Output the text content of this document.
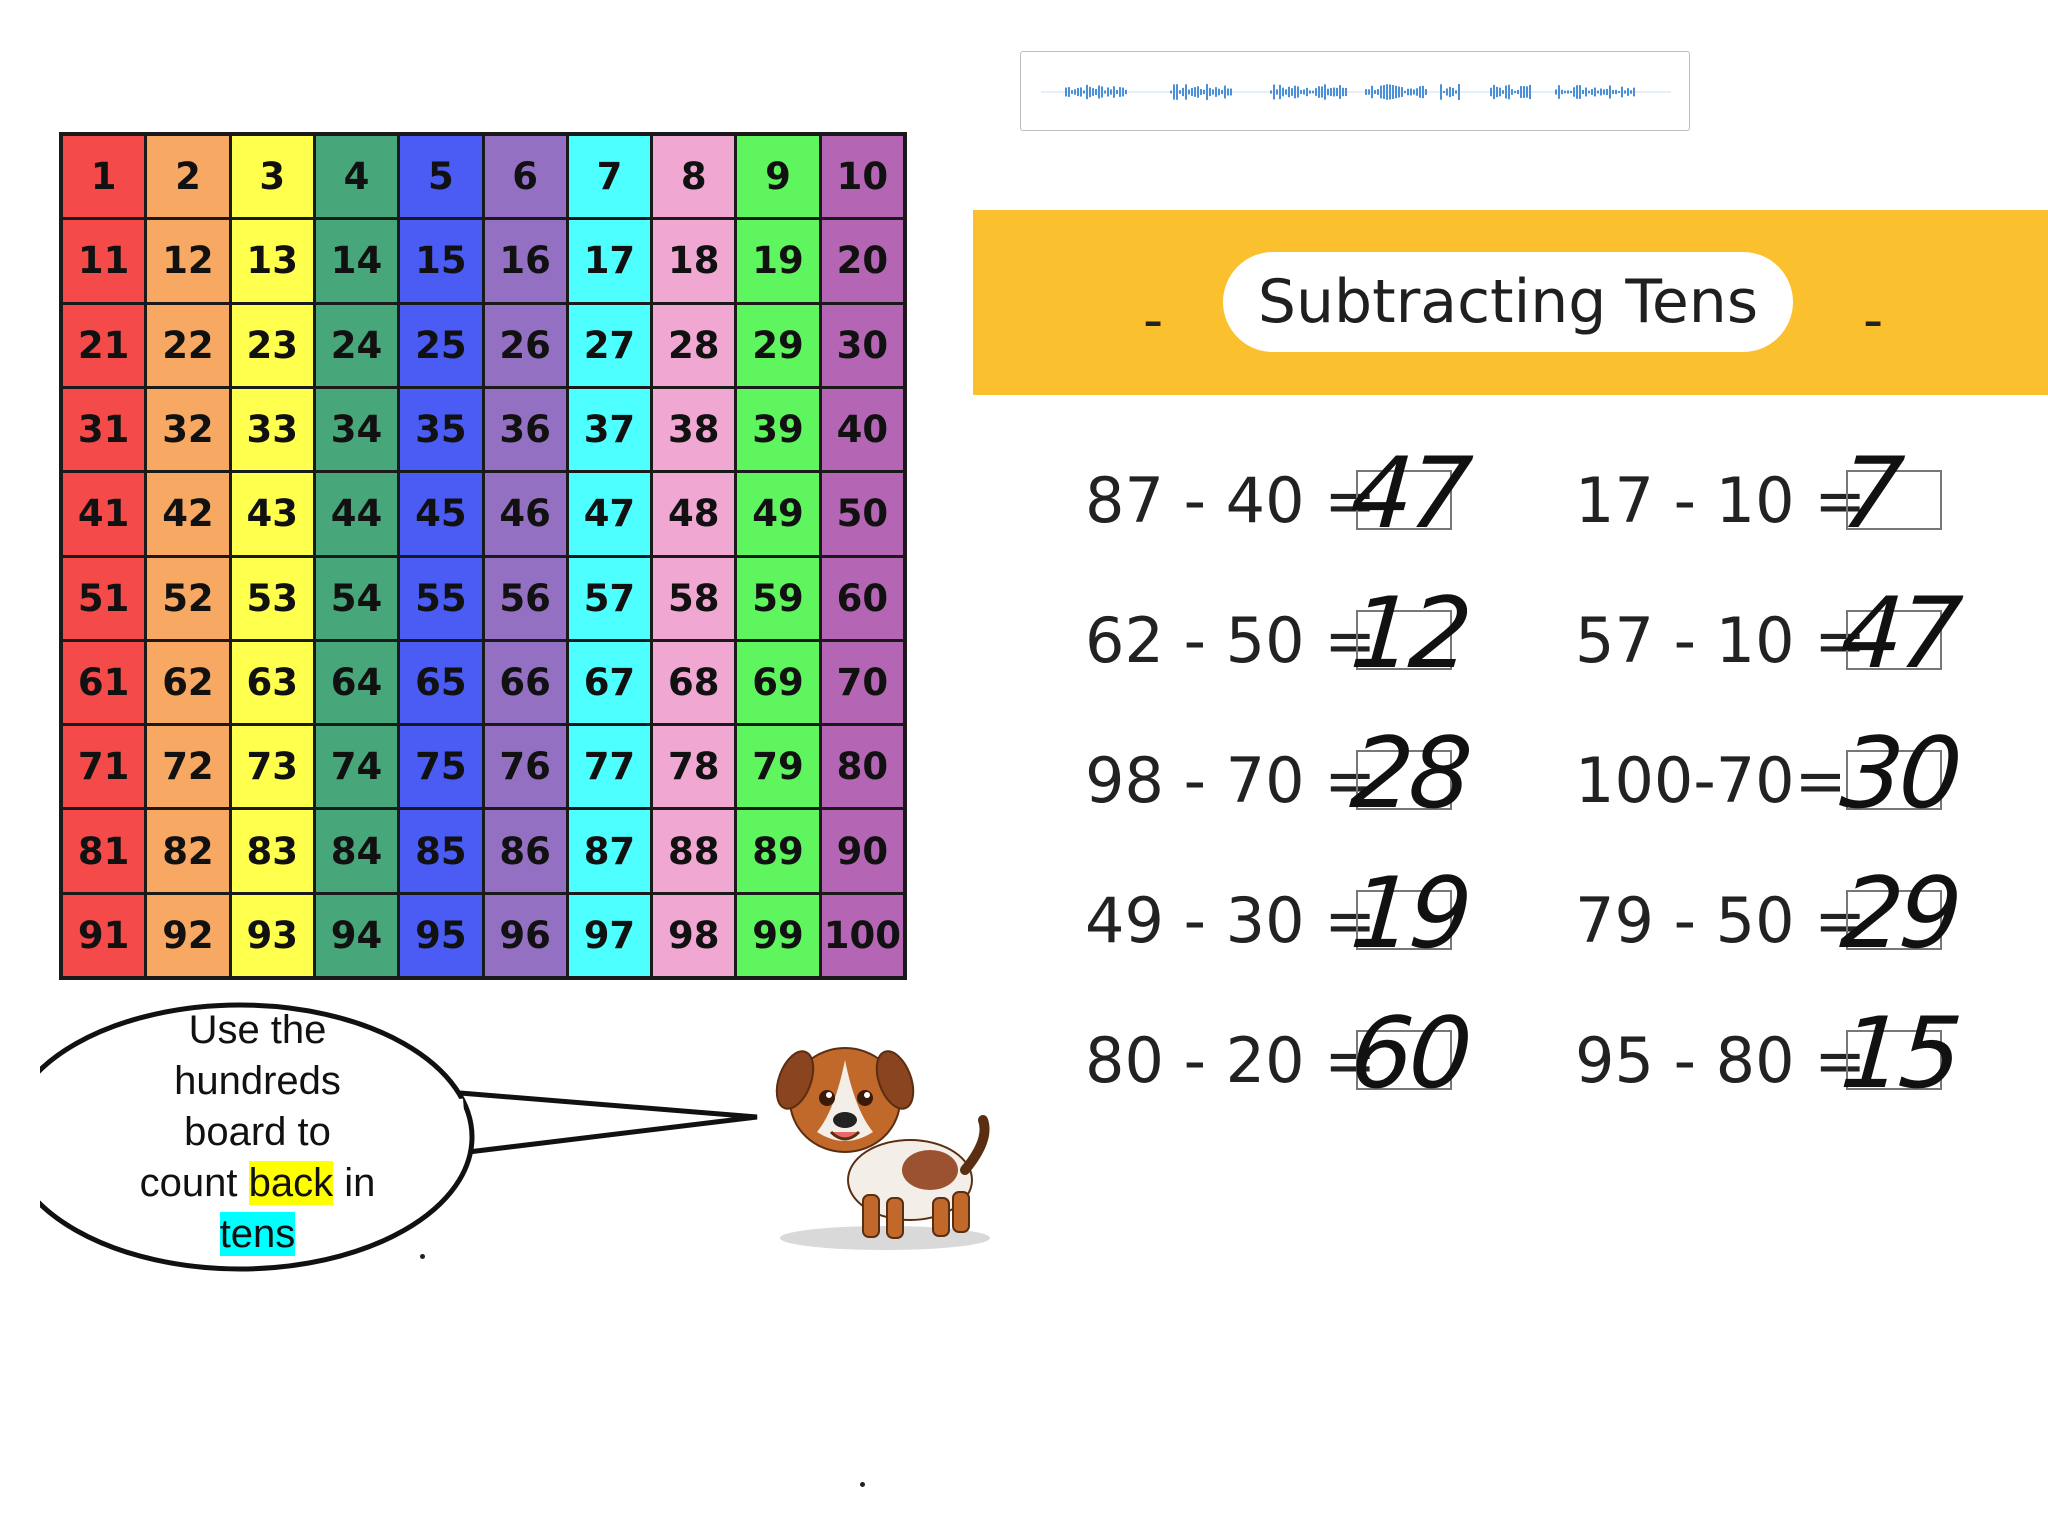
1	2	3	4	5	6	7	8	9	10
11 12 13 14 15 16 17 18 19 20
21 22 23 24 25 26 27 28 29 30
31 32 33 34 35 36 37 38 39 40
41 42 43 44 45 46 47 48 49 50
51 52 53 54 55 56 57 58 59 60
61 62 63 64 65 66 67 68 69 70
71 72 73 74 75 76 77 78 79 80
81 82 83 84 85 86 87 88 89 90
91 92 93 94 95 96 97 98 99 100
Use the
hundreds
board to
count back in
tens
-	Subtracting Tens	-
87 - 40 =
47
62 - 50 =
12
98 - 70 =
28
49 - 30 =
19
80 - 20 =
60
17 - 10 =
7
57 - 10 =
47
100-70=
30
79 - 50 =
29
95 - 80 =
15
